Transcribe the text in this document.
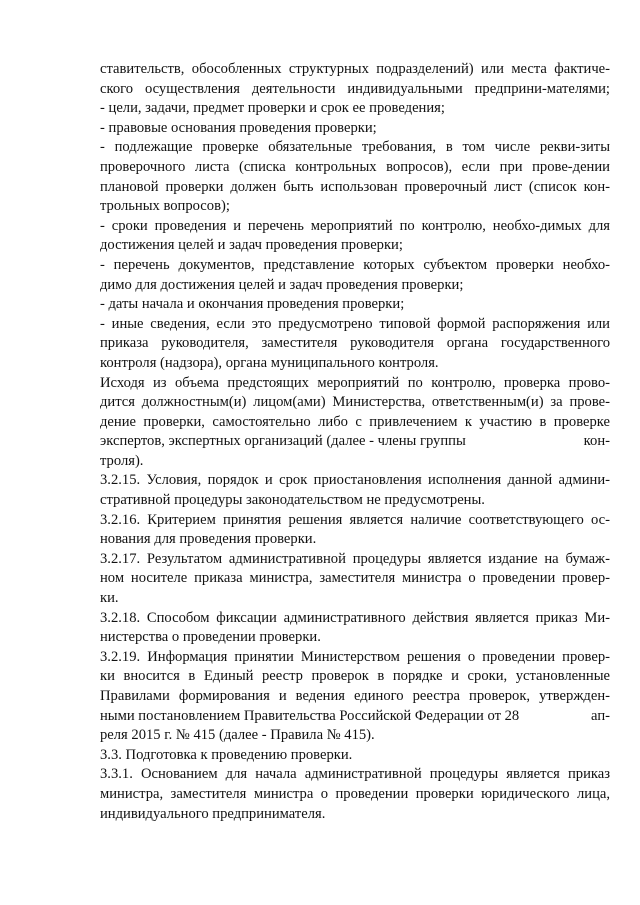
ставительств, обособленных структурных подразделений) или места фактиче-
ского осуществления деятельности индивидуальными предприни-мателями;
- цели, задачи, предмет проверки и срок ее проведения;
- правовые основания проведения проверки;
- подлежащие проверке обязательные требования, в том числе рекви-зиты
проверочного листа (списка контрольных вопросов), если при прове-дении
плановой проверки должен быть использован проверочный лист (список кон-
трольных вопросов);
- сроки проведения и перечень мероприятий по контролю, необхо-димых для
достижения целей и задач проведения проверки;
- перечень документов, представление которых субъектом проверки необхо-
димо для достижения целей и задач проведения проверки;
- даты начала и окончания проведения проверки;
- иные сведения, если это предусмотрено типовой формой распоряжения или
приказа руководителя, заместителя руководителя органа государственного
контроля (надзора), органа муниципального контроля.
Исходя из объема предстоящих мероприятий по контролю, проверка прово-
дится должностным(и) лицом(ами) Министерства, ответственным(и) за прове-
дение проверки, самостоятельно либо с привлечением к участию в проверке
экспертов, экспертных организаций (далее - члены группы	кон-
троля).
3.2.15. Условия, порядок и срок приостановления исполнения данной админи-
стративной процедуры законодательством не предусмотрены.
3.2.16. Критерием принятия решения является наличие соответствующего ос-
нования для проведения проверки.
3.2.17. Результатом административной процедуры является издание на бумаж-
ном носителе приказа министра, заместителя министра о проведении провер-
ки.
3.2.18. Способом фиксации административного действия является приказ Ми-
нистерства о проведении проверки.
3.2.19. Информация принятии Министерством решения о проведении провер-
ки вносится в Единый реестр проверок в порядке и сроки, установленные
Правилами формирования и ведения единого реестра проверок, утвержден-
ными постановлением Правительства Российской Федерации от 28	ап-
реля 2015 г. № 415 (далее - Правила № 415).
3.3. Подготовка к проведению проверки.
3.3.1. Основанием для начала административной процедуры является приказ
министра, заместителя министра о проведении проверки юридического лица,
индивидуального предпринимателя.
